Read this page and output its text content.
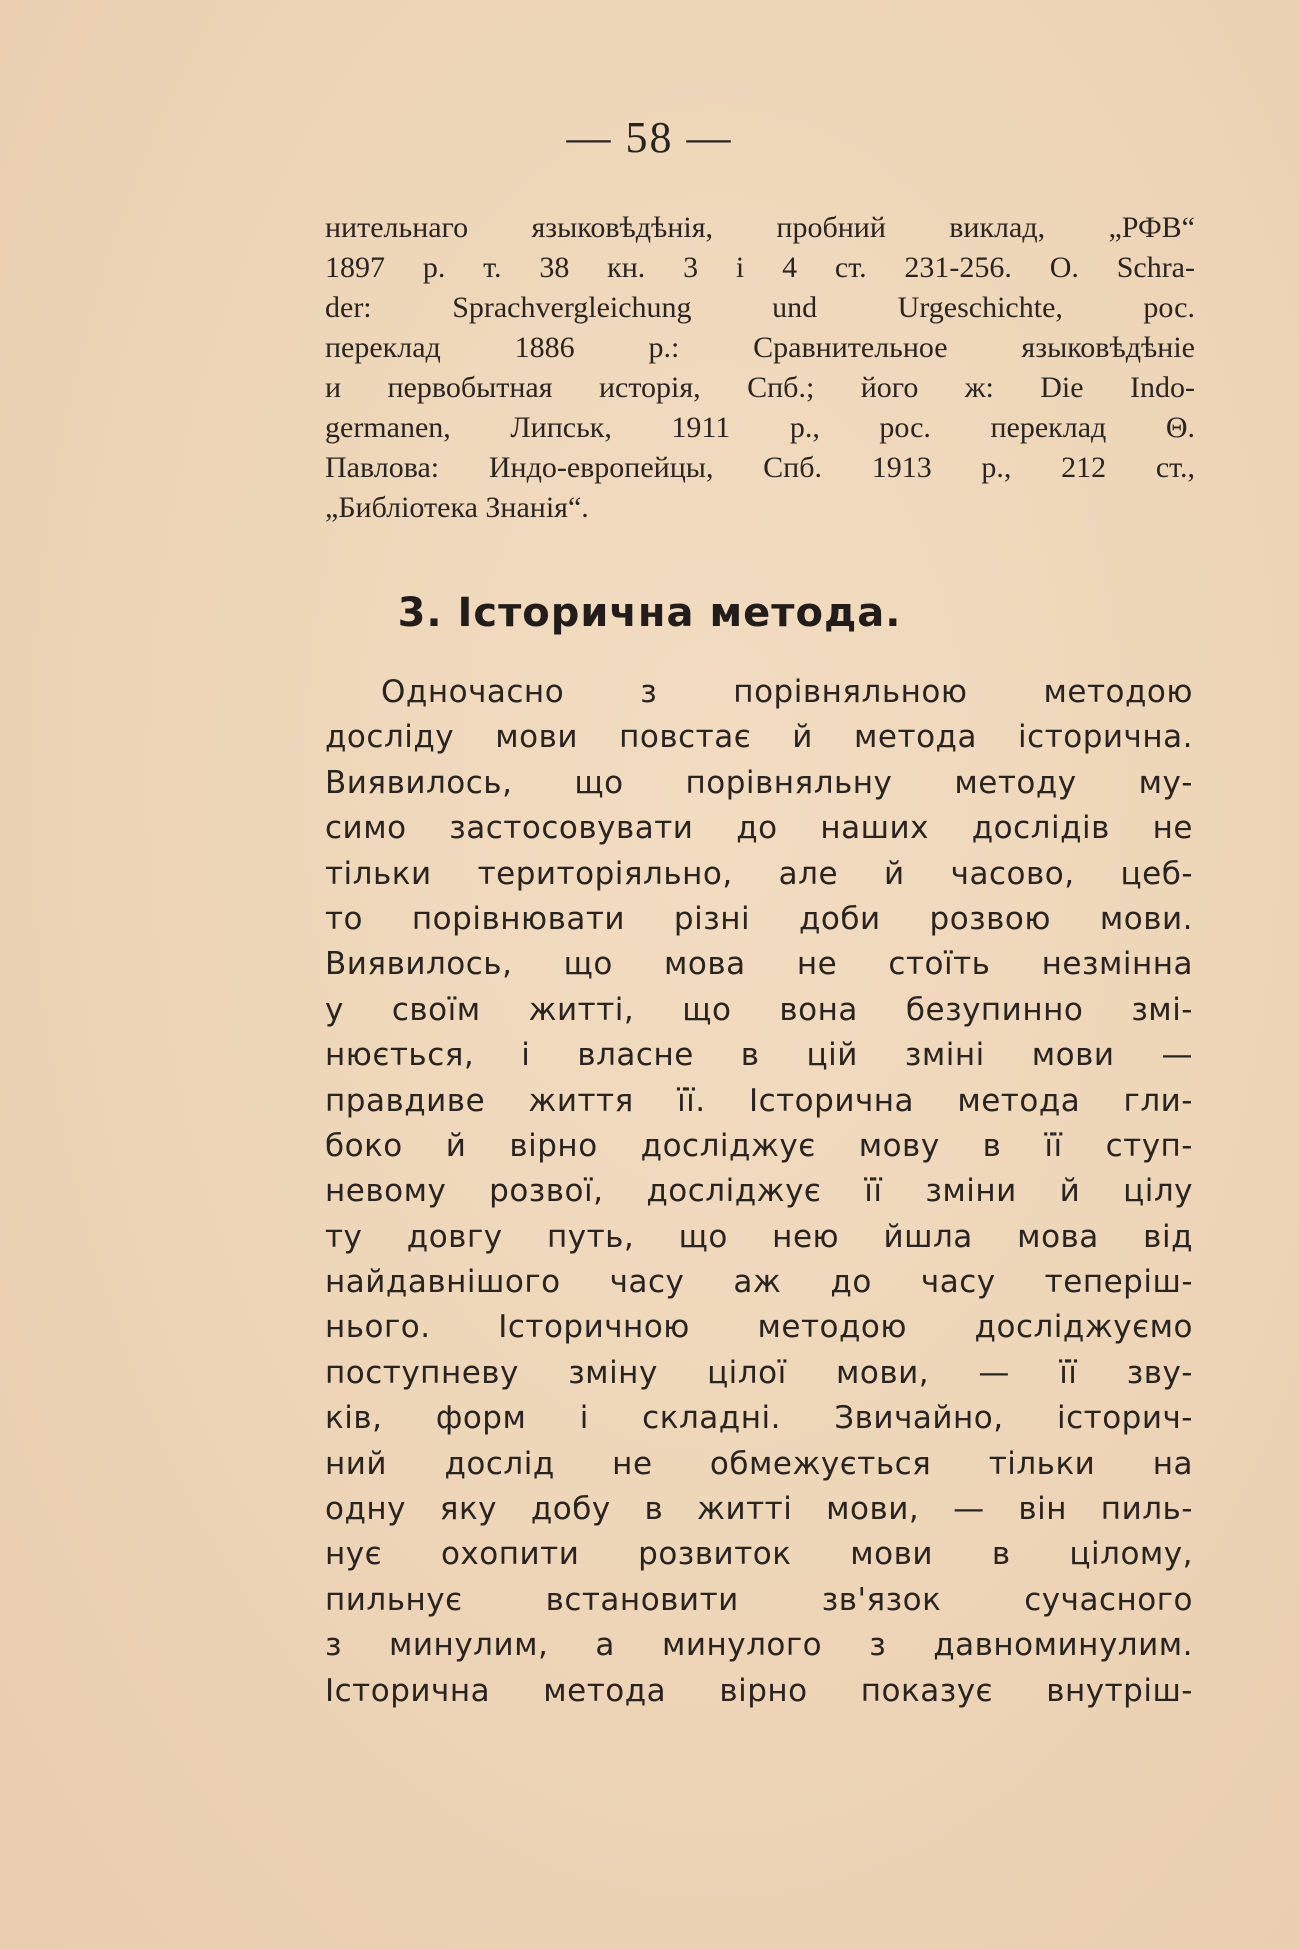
— 58 —
нительнаго языковѣдѣнія, пробний виклад, „РФВ“
1897 р. т. 38 кн. 3 і 4 ст. 231-256. O. Schra-
der: Sprachvergleichung und Urgeschichte, рос.
переклад 1886 р.: Сравнительное языковѣдѣніе
и первобытная исторія, Спб.; його ж: Die Indo-
germanen, Липськ, 1911 р., рос. переклад Θ.
Павлова: Индо-европейцы, Спб. 1913 р., 212 ст.,
„Библіотека Знанія“.
3. Історична метода.
Одночасно з порівняльною методою
досліду мови повстає й метода історична.
Виявилось, що порівняльну методу му-
симо застосовувати до наших дослідів не
тільки територіяльно, але й часово, цеб-
то порівнювати різні доби розвою мови.
Виявилось, що мова не стоїть незмінна
у своїм житті, що вона безупинно змі-
нюється, і власне в цій зміні мови —
правдиве життя її. Історична метода гли-
боко й вірно досліджує мову в її ступ-
невому розвої, досліджує її зміни й цілу
ту довгу путь, що нею йшла мова від
найдавнішого часу аж до часу теперіш-
нього. Історичною методою досліджуємо
поступневу зміну цілої мови, — її зву-
ків, форм і складні. Звичайно, історич-
ний дослід не обмежується тільки на
одну яку добу в житті мови, — він пиль-
нує охопити розвиток мови в цілому,
пильнує встановити зв'язок сучасного
з минулим, а минулого з давноминулим.
Історична метода вірно показує внутріш-
